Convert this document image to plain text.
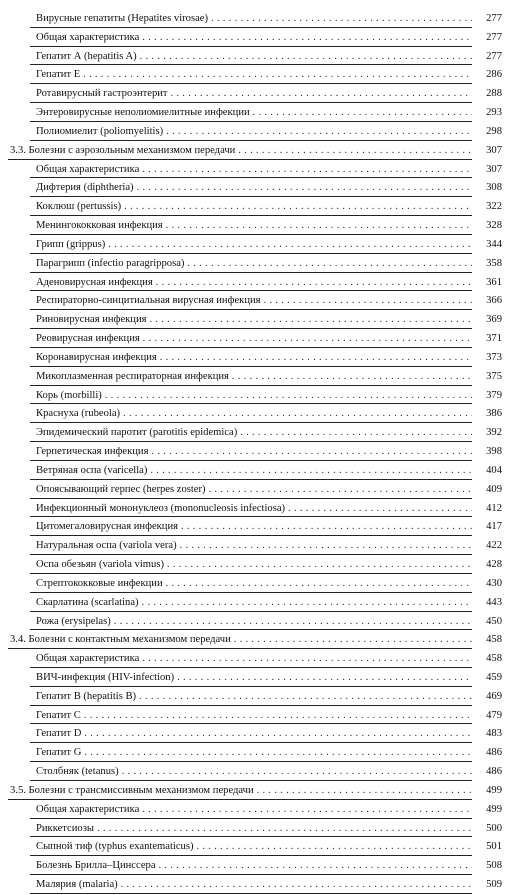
Вирусные гепатиты (Hepatites virosae) . . .	277
Общая характеристика . . .	277
Гепатит А (hepatitis A) . . .	277
Гепатит Е . . .	286
Ротавирусный гастроэнтерит . . .	288
Энтеровирусные неполиомиелитные инфекции . . .	293
Полиомиелит (poliomyelitis) . . .	298
3.3. Болезни с аэрозольным механизмом передачи . . .	307
Общая характеристика . . .	307
Дифтерия (diphtheria) . . .	308
Коклюш (pertussis) . . .	322
Менингококковая инфекция . . .	328
Грипп (grippus) . . .	344
Парагрипп (infectio paragripposa) . . .	358
Аденовирусная инфекция . . .	361
Респираторно-синцитиальная вирусная инфекция . . .	366
Риновирусная инфекция . . .	369
Реовирусная инфекция . . .	371
Коронавирусная инфекция . . .	373
Микоплазменная респираторная инфекция . . .	375
Корь (morbilli) . . .	379
Краснуха (rubeola) . . .	386
Эпидемический паротит (parotitis epidemica) . . .	392
Герпетическая инфекция . . .	398
Ветряная оспа (varicella) . . .	404
Опоясывающий герпес (herpes zoster) . . .	409
Инфекционный мононуклеоз (mononucleosis infectiosa) . . .	412
Цитомегаловирусная инфекция . . .	417
Натуральная оспа (variola vera) . . .	422
Оспа обезьян (variola vimus) . . .	428
Стрептококковые инфекции . . .	430
Скарлатина (scarlatina) . . .	443
Рожа (erysipelas) . . .	450
3.4. Болезни с контактным механизмом передачи . . .	458
Общая характеристика . . .	458
ВИЧ-инфекция (HIV-infection) . . .	459
Гепатит В (hepatitis В) . . .	469
Гепатит С . . .	479
Гепатит D . . .	483
Гепатит G . . .	486
Столбняк (tetanus) . . .	486
3.5. Болезни с трансмиссивным механизмом передачи . . .	499
Общая характеристика . . .	499
Риккетсиозы . . .	500
Сыпной тиф (typhus exantematicus) . . .	501
Болезнь Брилла–Цинссера . . .	508
Малярия (malaria) . . .	509
